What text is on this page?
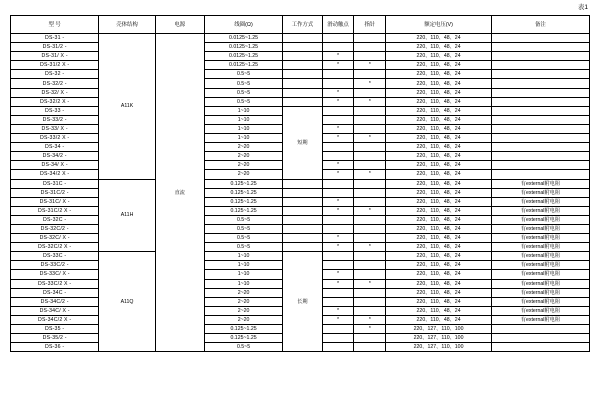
表1
型 号	壳体结构	电源	线圈(Ω)	工作方式	滑动触点	指针	额定电压(V)	备注
DS-31 -	A11K	直流	0.0125~1.25				220、110、48、24	
DS-31/2 -			0.0125~1.25				220、110、48、24	
DS-31/ X -			0.0125~1.25		*		220、110、48、24	
DS-31/2 X -			0.0125~1.25		*	*	220、110、48、24	
DS-32 -			0.5~5				220、110、48、24	
DS-32/2 -			0.5~5			*	220、110、48、24	
DS-32/ X -			0.5~5		*		220、110、48、24	
DS-32/2 X -			0.5~5		*	*	220、110、48、24	
DS-33 -			1~10	短期			220、110、48、24	
DS-33/2 -			1~10				220、110、48、24	
DS-33/ X -			1~10		*		220、110、48、24	
DS-33/2 X -			1~10		*	*	220、110、48、24	
DS-34 -			2~20				220、110、48、24	
DS-34/2 -			2~20				220、110、48、24	
DS-34/ X -			2~20		*		220、110、48、24	
DS-34/2 X -			2~20		*	*	220、110、48、24	
DS-31C -	A11H		0.125~1.25				220、110、48、24	有external附电阻
DS-31C/2 -			0.125~1.25				220、110、48、24	有external附电阻
DS-31C/ X -			0.125~1.25		*		220、110、48、24	有external附电阻
DS-31C/2 X -			0.125~1.25		*	*	220、110、48、24	有external附电阻
DS-32C -			0.5~5				220、110、48、24	有external附电阻
DS-32C/2 -			0.5~5				220、110、48、24	有external附电阻
DS-32C/ X -			0.5~5		*		220、110、48、24	有external附电阻
DS-32C/2 X -			0.5~5		*	*	220、110、48、24	有external附电阻
DS-33C -	A11Q		1~10	长期			220、110、48、24	有external附电阻
DS-33C/2 -			1~10				220、110、48、24	有external附电阻
DS-33C/ X -			1~10		*		220、110、48、24	有external附电阻
DS-33C/2 X -			1~10		*	*	220、110、48、24	有external附电阻
DS-34C -			2~20				220、110、48、24	有external附电阻
DS-34C/2 -			2~20				220、110、48、24	有external附电阻
DS-34C/ X -			2~20		*		220、110、48、24	有external附电阻
DS-34C/2 X -			2~20		*	*	220、110、48、24	有external附电阻
DS-35 -			0.125~1.25			*	220、127、110、100	
DS-35/2 -			0.125~1.25				220、127、110、100	
DS-36 -			0.5~5				220、127、110、100	
